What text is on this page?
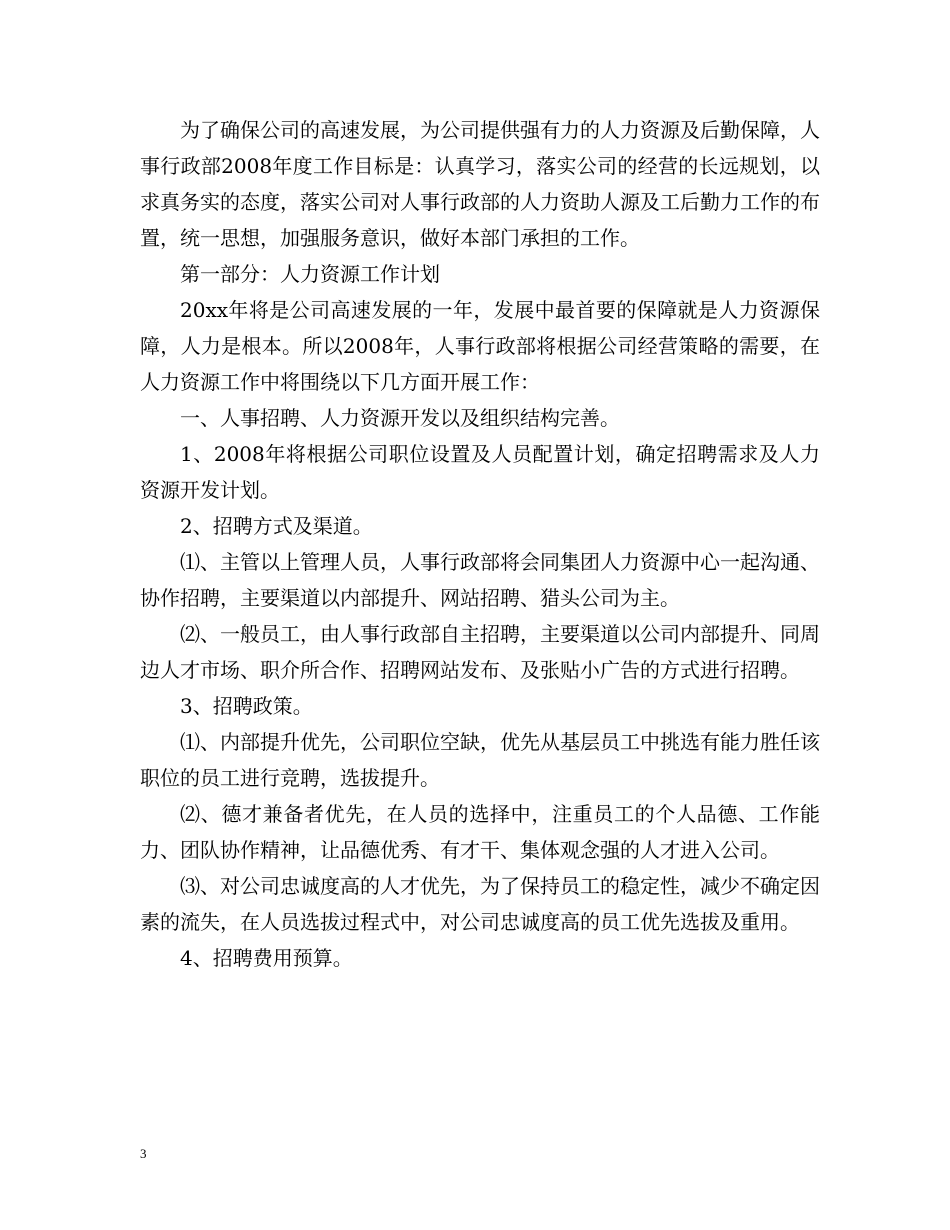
为了确保公司的高速发展，为公司提供强有力的人力资源及后勤保障，人事行政部2008年度工作目标是：认真学习，落实公司的经营的长远规划，以求真务实的态度，落实公司对人事行政部的人力资助人源及工后勤力工作的布置，统一思想，加强服务意识，做好本部门承担的工作。

第一部分：人力资源工作计划

20xx年将是公司高速发展的一年，发展中最首要的保障就是人力资源保障，人力是根本。所以2008年，人事行政部将根据公司经营策略的需要，在人力资源工作中将围绕以下几方面开展工作：

一、人事招聘、人力资源开发以及组织结构完善。

1、2008年将根据公司职位设置及人员配置计划，确定招聘需求及人力资源开发计划。

2、招聘方式及渠道。

⑴、主管以上管理人员，人事行政部将会同集团人力资源中心一起沟通、协作招聘，主要渠道以内部提升、网站招聘、猎头公司为主。

⑵、一般员工，由人事行政部自主招聘，主要渠道以公司内部提升、同周边人才市场、职介所合作、招聘网站发布、及张贴小广告的方式进行招聘。

3、招聘政策。

⑴、内部提升优先，公司职位空缺，优先从基层员工中挑选有能力胜任该职位的员工进行竞聘，选拔提升。

⑵、德才兼备者优先，在人员的选择中，注重员工的个人品德、工作能力、团队协作精神，让品德优秀、有才干、集体观念强的人才进入公司。

⑶、对公司忠诚度高的人才优先，为了保持员工的稳定性，减少不确定因素的流失，在人员选拔过程式中，对公司忠诚度高的员工优先选拔及重用。

4、招聘费用预算。

3
